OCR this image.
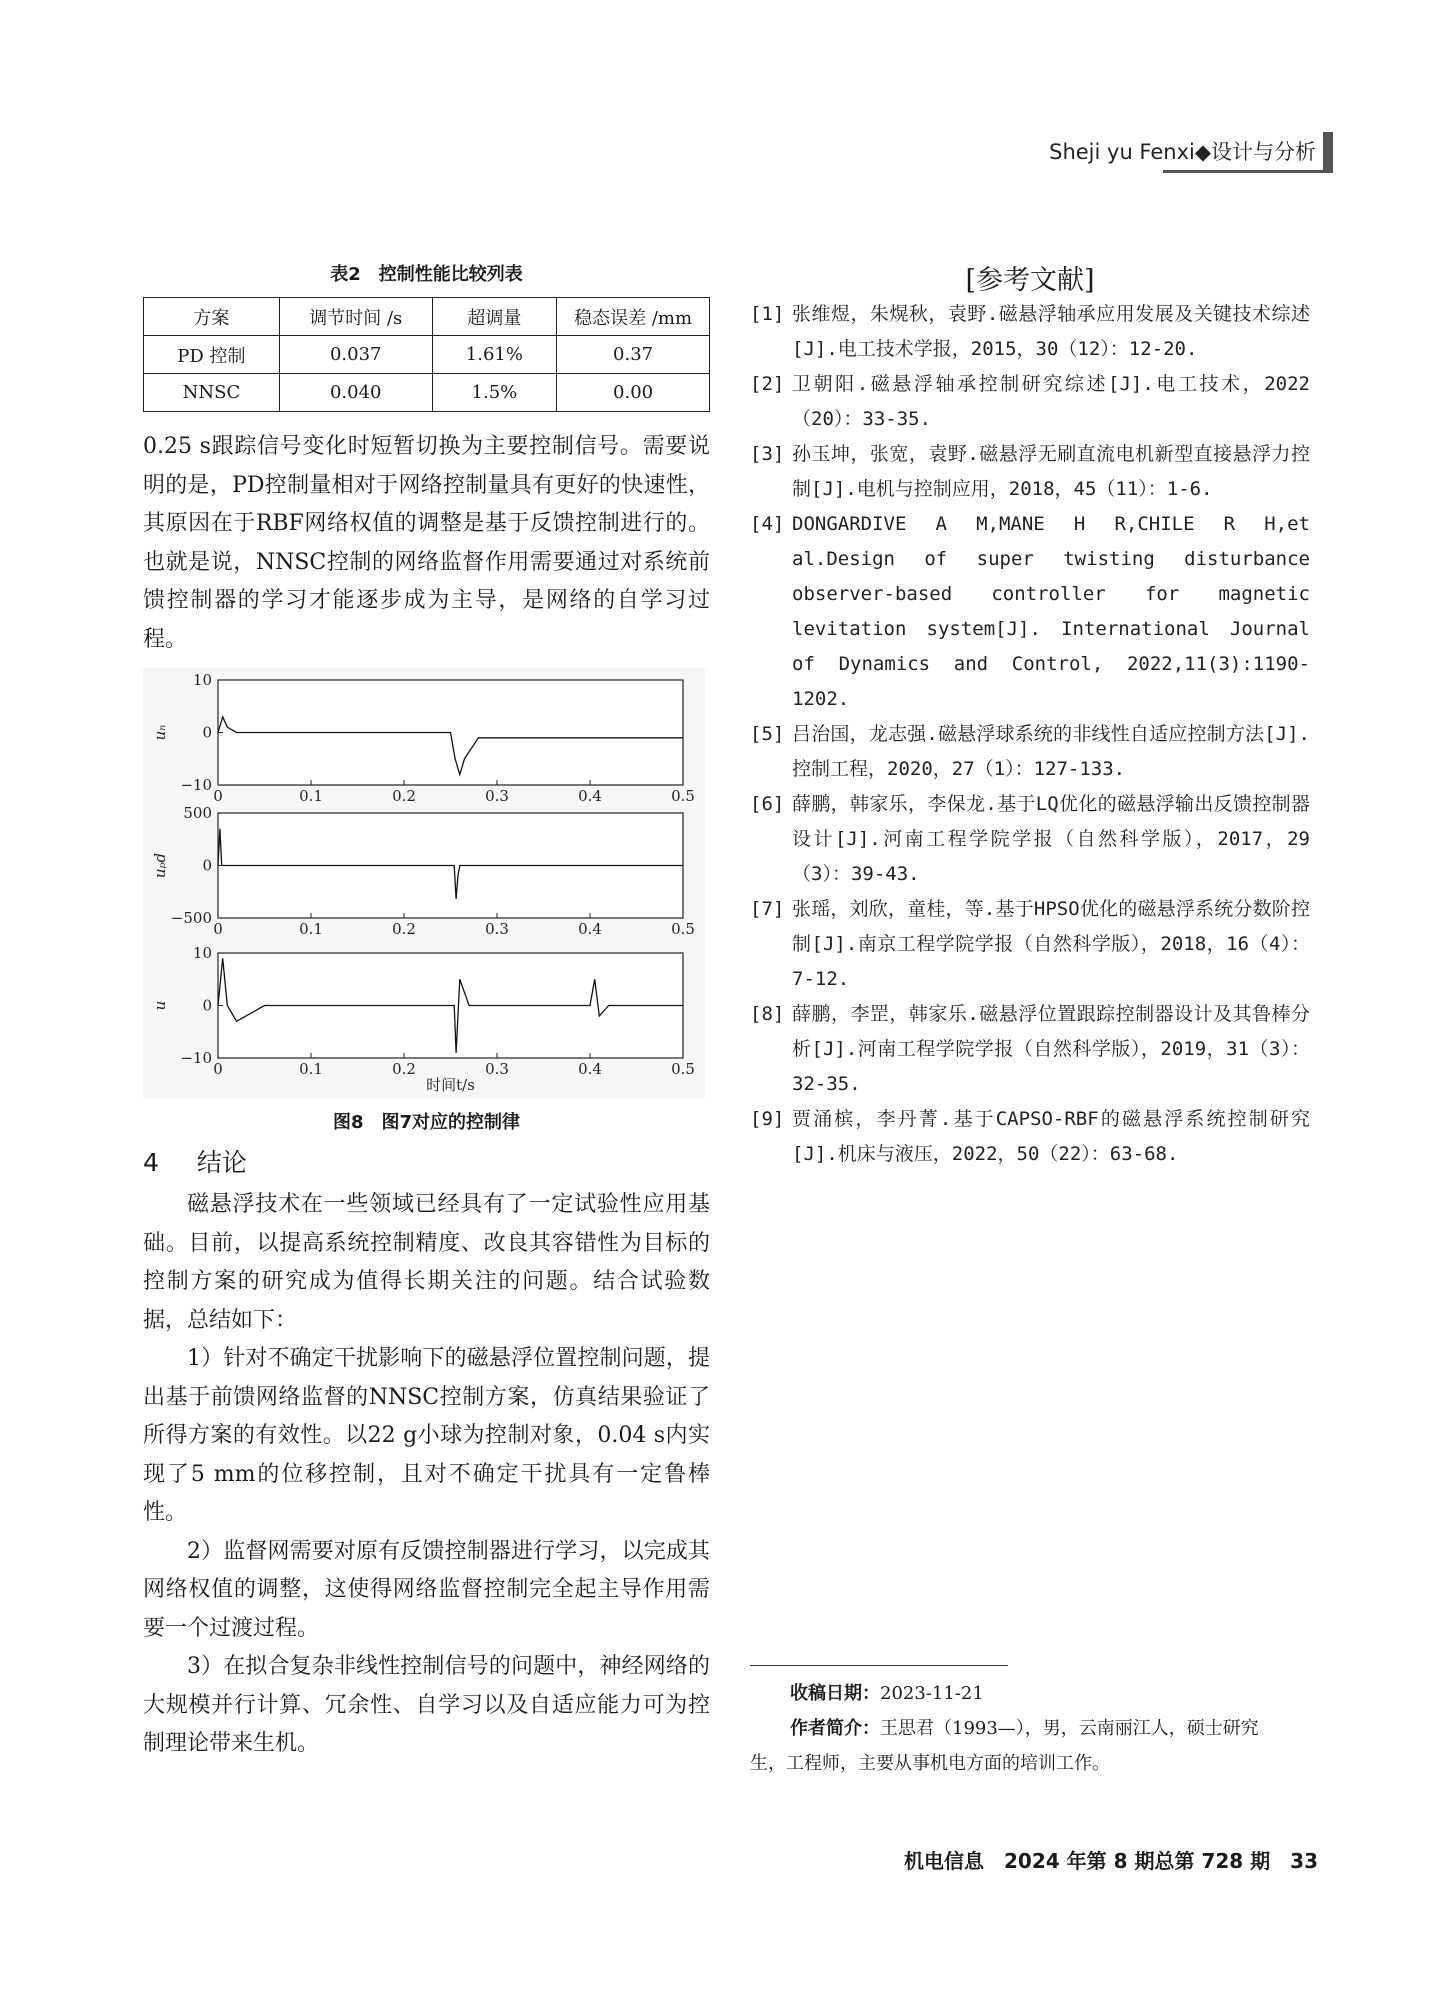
Sheji yu Fenxi◆设计与分析
表2　控制性能比较列表
方案	调节时间 /s	超调量	稳态误差 /mm
PD 控制	0.037	1.61%	0.37
NNSC	0.040	1.5%	0.00

0.25 s跟踪信号变化时短暂切换为主要控制信号。需要说明的是，PD控制量相对于网络控制量具有更好的快速性，其原因在于RBF网络权值的调整是基于反馈控制进行的。也就是说，NNSC控制的网络监督作用需要通过对系统前馈控制器的学习才能逐步成为主导，是网络的自学习过程。

0	0.1	0.2	0.3	0.4	0.5
10
0
−10
uₙ
0	0.1	0.2	0.3	0.4	0.5
500
0
−500
uₚd
0	0.1	0.2	0.3	0.4	0.5
10
0
−10
u
时间t/s
图8　图7对应的控制律
4 结论

磁悬浮技术在一些领域已经具有了一定试验性应用基础。目前，以提高系统控制精度、改良其容错性为目标的控制方案的研究成为值得长期关注的问题。结合试验数据，总结如下：

1）针对不确定干扰影响下的磁悬浮位置控制问题，提出基于前馈网络监督的NNSC控制方案，仿真结果验证了所得方案的有效性。以22 g小球为控制对象，0.04 s内实现了5 mm的位移控制，且对不确定干扰具有一定鲁棒性。

2）监督网需要对原有反馈控制器进行学习，以完成其网络权值的调整，这使得网络监督控制完全起主导作用需要一个过渡过程。

3）在拟合复杂非线性控制信号的问题中，神经网络的大规模并行计算、冗余性、自学习以及自适应能力可为控制理论带来生机。

[参考文献]
[1] 张维煜，朱熀秋，袁野.磁悬浮轴承应用发展及关键技术综述[J].电工技术学报，2015，30（12）：12-20.
[2] 卫朝阳.磁悬浮轴承控制研究综述[J].电工技术，2022（20）：33-35.
[3] 孙玉坤，张宽，袁野.磁悬浮无刷直流电机新型直接悬浮力控制[J].电机与控制应用，2018，45（11）：1-6.
[4] DONGARDIVE A M,MANE H R,CHILE R H,et al.Design of super twisting disturbance observer-based controller for magnetic levitation system[J]. International Journal of Dynamics and Control, 2022,11(3):1190-1202.
[5] 吕治国，龙志强.磁悬浮球系统的非线性自适应控制方法[J].控制工程，2020，27（1）：127-133.
[6] 薛鹏，韩家乐，李保龙.基于LQ优化的磁悬浮输出反馈控制器设计[J].河南工程学院学报（自然科学版），2017，29（3）：39-43.
[7] 张瑶，刘欣，童桂，等.基于HPSO优化的磁悬浮系统分数阶控制[J].南京工程学院学报（自然科学版），2018，16（4）：7-12.
[8] 薛鹏，李罡，韩家乐.磁悬浮位置跟踪控制器设计及其鲁棒分析[J].河南工程学院学报（自然科学版），2019，31（3）：32-35.
[9] 贾涌槟，李丹菁.基于CAPSO-RBF的磁悬浮系统控制研究[J].机床与液压，2022，50（22）：63-68.
收稿日期：2023-11-21
作者简介：王思君（1993—），男，云南丽江人，硕士研究
生，工程师，主要从事机电方面的培训工作。
机电信息　2024 年第 8 期总第 728 期　33
